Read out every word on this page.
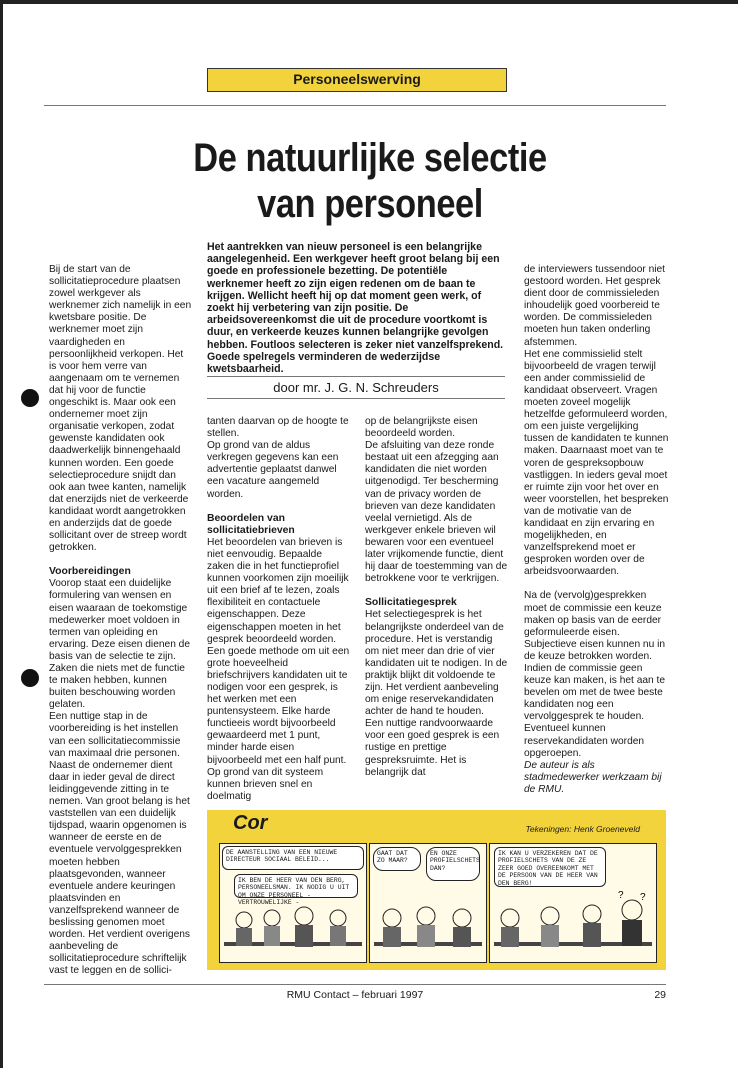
Personeelswerving
De natuurlijke selectie
van personeel
Het aantrekken van nieuw personeel is een belangrijke aangelegenheid. Een werkgever heeft groot belang bij een goede en professionele bezetting. De potentiële werknemer heeft zo zijn eigen redenen om de baan te krijgen. Wellicht heeft hij op dat moment geen werk, of zoekt hij verbetering van zijn positie. De arbeidsovereenkomst die uit de procedure voortkomt is duur, en verkeerde keuzes kunnen belangrijke gevolgen hebben. Foutloos selecteren is zeker niet vanzelfsprekend. Goede spelregels verminderen de wederzijdse kwetsbaarheid.
door mr. J. G. N. Schreuders

Bij de start van de sollicitatieprocedure plaatsen zowel werkgever als werknemer zich namelijk in een kwetsbare positie. De werknemer moet zijn vaardigheden en persoonlijkheid verkopen. Het is voor hem verre van aangenaam om te vernemen dat hij voor de functie ongeschikt is. Maar ook een ondernemer moet zijn organisatie verkopen, zodat gewenste kandidaten ook daadwerkelijk binnengehaald kunnen worden. Een goede selectieprocedure snijdt dan ook aan twee kanten, namelijk dat enerzijds niet de verkeerde kandidaat wordt aangetrokken en anderzijds dat de goede sollicitant over de streep wordt getrokken.

Voorbereidingen

Voorop staat een duidelijke formulering van wensen en eisen waaraan de toekomstige medewerker moet voldoen in termen van opleiding en ervaring. Deze eisen dienen de basis van de selectie te zijn. Zaken die niets met de functie te maken hebben, kunnen buiten beschouwing worden gelaten.

Een nuttige stap in de voorbereiding is het instellen van een sollicitatiecommissie van maximaal drie personen. Naast de ondernemer dient daar in ieder geval de direct leidinggevende zitting in te nemen. Van groot belang is het vaststellen van een duidelijk tijdspad, waarin opgenomen is wanneer de eerste en de eventuele vervolggesprekken moeten hebben plaatsgevonden, wanneer eventuele andere keuringen plaatsvinden en vanzelfsprekend wanneer de beslissing genomen moet worden. Het verdient overigens aanbeveling de sollicitatieprocedure schriftelijk vast te leggen en de sollici-

tanten daarvan op de hoogte te stellen.

Op grond van de aldus verkregen gegevens kan een advertentie geplaatst danwel een vacature aangemeld worden.

Beoordelen van sollicitatiebrieven

Het beoordelen van brieven is niet eenvoudig. Bepaalde zaken die in het functieprofiel kunnen voorkomen zijn moeilijk uit een brief af te lezen, zoals flexibiliteit en contactuele eigenschappen. Deze eigenschappen moeten in het gesprek beoordeeld worden.

Een goede methode om uit een grote hoeveelheid briefschrijvers kandidaten uit te nodigen voor een gesprek, is het werken met een puntensysteem. Elke harde functieeis wordt bijvoorbeeld gewaardeerd met 1 punt, minder harde eisen bijvoorbeeld met een half punt. Op grond van dit systeem kunnen brieven snel en doelmatig

op de belangrijkste eisen beoordeeld worden.

De afsluiting van deze ronde bestaat uit een afzegging aan kandidaten die niet worden uitgenodigd. Ter bescherming van de privacy worden de brieven van deze kandidaten veelal vernietigd. Als de werkgever enkele brieven wil bewaren voor een eventueel later vrijkomende functie, dient hij daar de toestemming van de betrokkene voor te verkrijgen.

Sollicitatiegesprek

Het selectiegesprek is het belangrijkste onderdeel van de procedure. Het is verstandig om niet meer dan drie of vier kandidaten uit te nodigen. In de praktijk blijkt dit voldoende te zijn. Het verdient aanbeveling om enige reservekandidaten achter de hand te houden.

Een nuttige randvoorwaarde voor een goed gesprek is een rustige en prettige gespreksruimte. Het is belangrijk dat

de interviewers tussendoor niet gestoord worden. Het gesprek dient door de commissieleden inhoudelijk goed voorbereid te worden. De commissieleden moeten hun taken onderling afstemmen.

Het ene commissielid stelt bijvoorbeeld de vragen terwijl een ander commissielid de kandidaat observeert. Vragen moeten zoveel mogelijk hetzelfde geformuleerd worden, om een juiste vergelijking tussen de kandidaten te kunnen maken. Daarnaast moet van te voren de gespreksopbouw vastliggen. In ieders geval moet er ruimte zijn voor het over en weer voorstellen, het bespreken van de motivatie van de kandidaat en zijn ervaring en mogelijkheden, en vanzelfsprekend moet er gesproken worden over de arbeidsvoorwaarden.

Na de (vervolg)gesprekken moet de commissie een keuze maken op basis van de eerder geformuleerde eisen. Subjectieve eisen kunnen nu in de keuze betrokken worden. Indien de commissie geen keuze kan maken, is het aan te bevelen om met de twee beste kandidaten nog een vervolggesprek te houden. Eventueel kunnen reservekandidaten worden opgeroepen.

De auteur is als stadmedewerker werkzaam bij de RMU.

Cor	Tekeningen: Henk Groeneveld
DE AANSTELLING VAN EEN NIEUWE DIRECTEUR SOCIAAL BELEID...
IK BEN DE HEER VAN DEN BERG, PERSONEELSMAN. IK NODIG U UIT OM ONZE PERSONEEL - VERTROUWELIJKE -
GAAT DAT ZO MAAR?
EN ONZE PROFIELSCHETS DAN?
IK KAN U VERZEKEREN DAT DE PROFIELSCHETS VAN DE ZE ZEER GOED OVEREENKOMT MET DE PERSOON VAN DE HEER VAN DEN BERG!
? ?
RMU Contact – februari 1997	29
